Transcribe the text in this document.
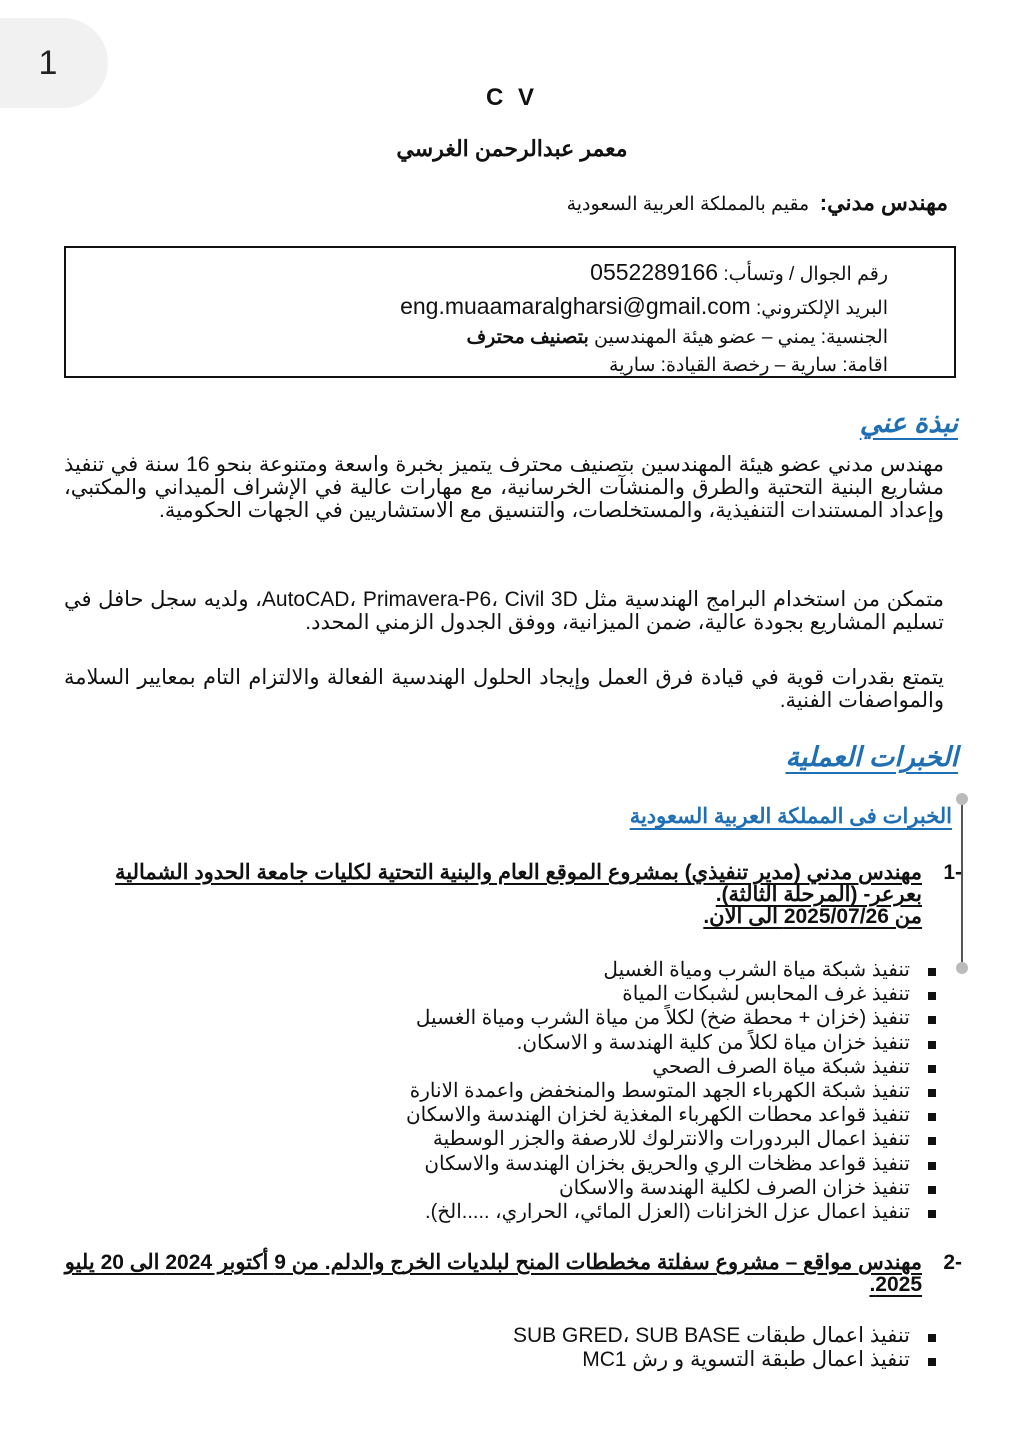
1
C V
معمر عبدالرحمن الغرسي
مهندس مدني:  مقيم بالمملكة العربية السعودية
رقم الجوال / وتسأب: 0552289166
البريد الإلكتروني: eng.muaamaralgharsi@gmail.com
الجنسية: يمني – عضو هيئة المهندسين بتصنيف محترف
اقامة: سارية – رخصة القيادة: سارية
نبذة عني
مهندس مدني عضو هيئة المهندسين بتصنيف محترف يتميز بخبرة واسعة ومتنوعة بنحو 16 سنة في تنفيذ مشاريع البنية التحتية والطرق والمنشآت الخرسانية، مع مهارات عالية في الإشراف الميداني والمكتبي، وإعداد المستندات التنفيذية، والمستخلصات، والتنسيق مع الاستشاريين في الجهات الحكومية.
متمكن من استخدام البرامج الهندسية مثل AutoCAD، Primavera-P6، Civil 3D، ولديه سجل حافل في تسليم المشاريع بجودة عالية، ضمن الميزانية، ووفق الجدول الزمني المحدد.
يتمتع بقدرات قوية في قيادة فرق العمل وإيجاد الحلول الهندسية الفعالة والالتزام التام بمعايير السلامة والمواصفات الفنية.
الخبرات العملية
الخبرات فى المملكة العربية السعودية
-1
مهندس مدني (مدير تنفيذي) بمشروع الموقع العام والبنية التحتية لكليات جامعة الحدود الشمالية بعرعر- (المرحلة الثالثة).
من 2025/07/26 الى الان.
تنفيذ شبكة مياة الشرب ومياة الغسيل
تنفيذ غرف المحابس لشبكات المياة
تنفيذ (خزان + محطة ضخ) لكلاً من مياة الشرب ومياة الغسيل
تنفيذ خزان مياة لكلاً من كلية الهندسة و الاسكان.
تنفيذ شبكة مياة الصرف الصحي
تنفيذ شبكة الكهرباء الجهد المتوسط والمنخفض واعمدة الانارة
تنفيذ قواعد محطات الكهرباء المغذية لخزان الهندسة والاسكان
تنفيذ اعمال البردورات والانترلوك للارصفة والجزر الوسطية
تنفيذ قواعد مظخات الري والحريق بخزان الهندسة والاسكان
تنفيذ خزان الصرف لكلية الهندسة والاسكان
تنفيذ اعمال عزل الخزانات (العزل المائي، الحراري، .....الخ).
-2
مهندس مواقع – مشروع سفلتة مخططات المنح لبلديات الخرج والدلم. من 9 أكتوبر 2024 الى 20 يليو 2025.
تنفيذ اعمال طبقات SUB GRED، SUB BASE
تنفيذ اعمال طبقة التسوية و رش MC1
